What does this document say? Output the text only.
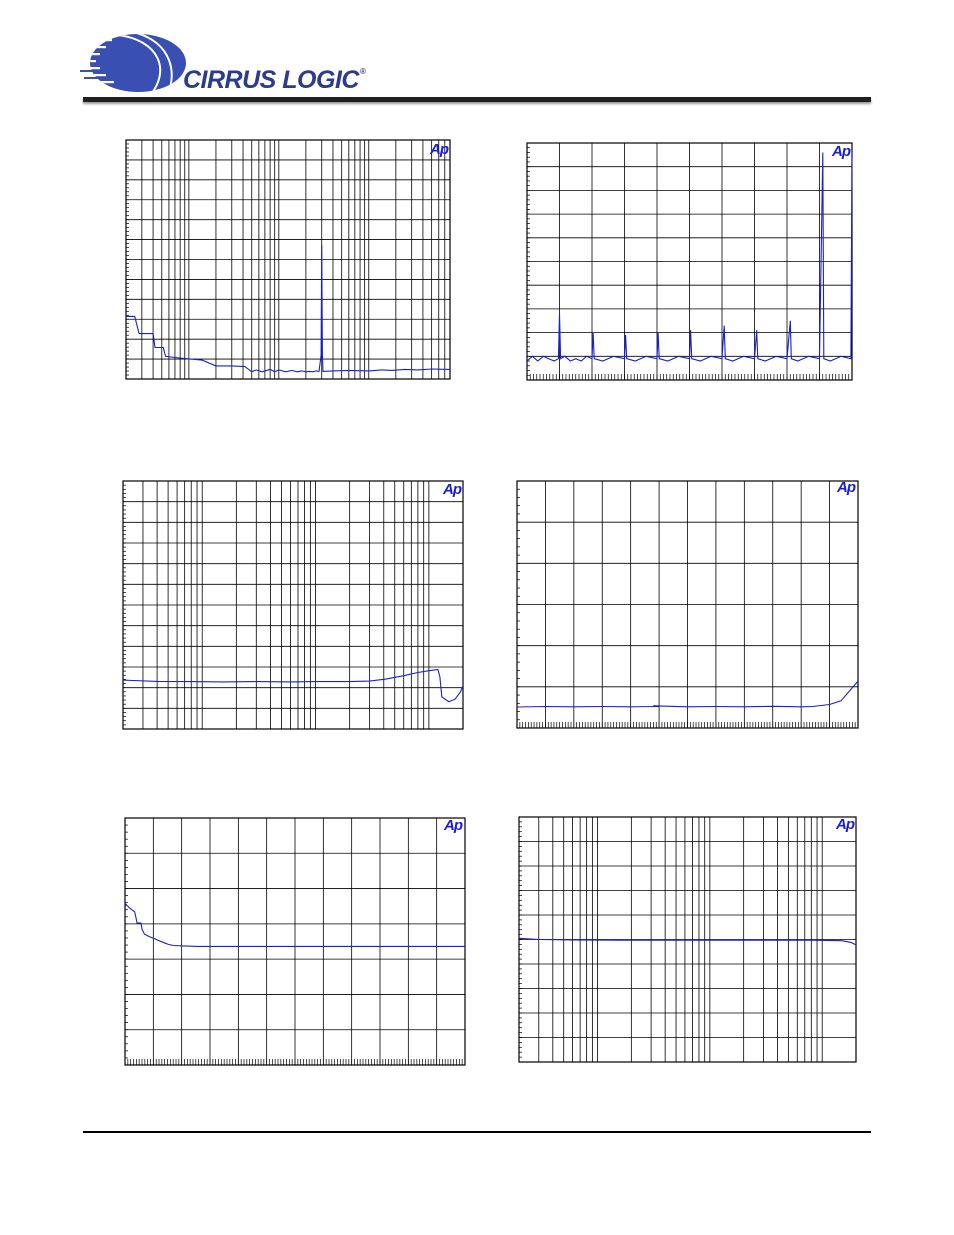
CIRRUS LOGIC®
Ap	Ap
Ap	Ap
Ap	Ap
